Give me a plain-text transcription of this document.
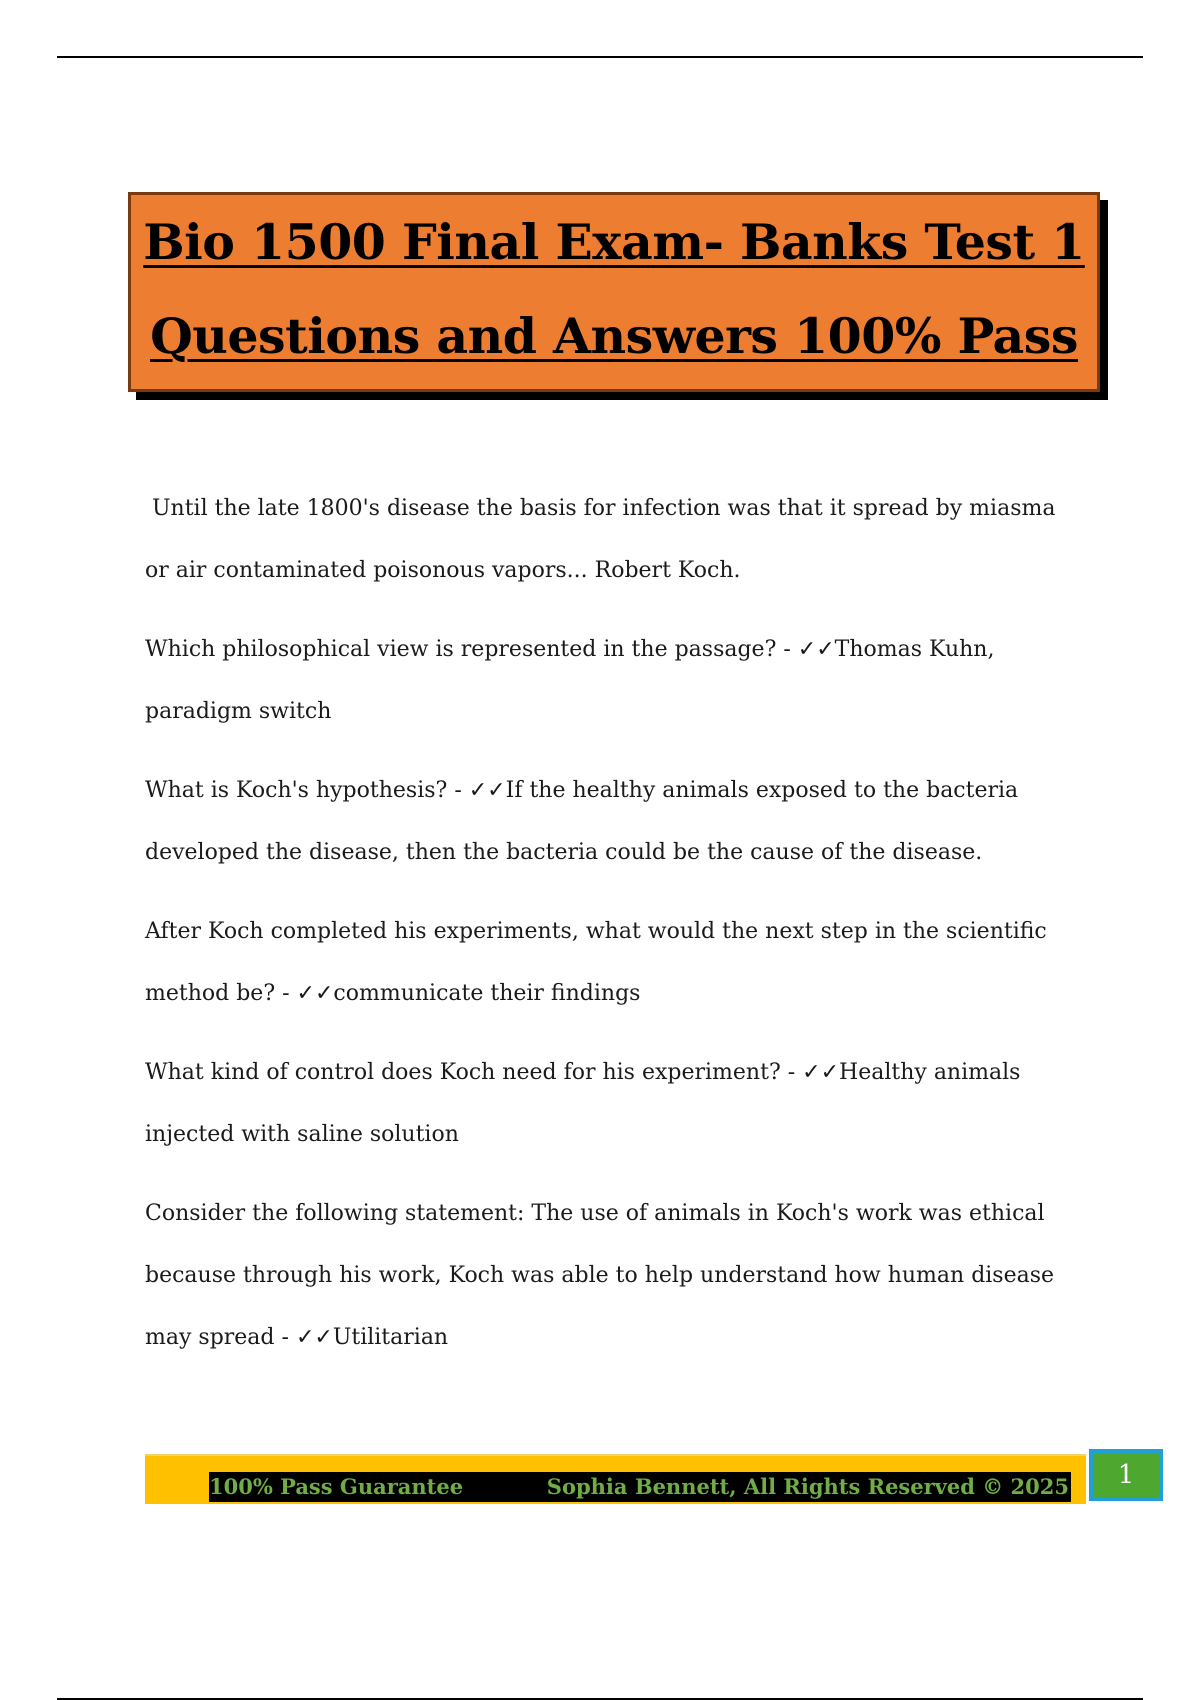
Bio 1500 Final Exam- Banks Test 1
Questions and Answers 100% Pass

Until the late 1800's disease the basis for infection was that it spread by miasma or air contaminated poisonous vapors... Robert Koch.

Which philosophical view is represented in the passage? - ✓✓Thomas Kuhn, paradigm switch

What is Koch's hypothesis? - ✓✓If the healthy animals exposed to the bacteria developed the disease, then the bacteria could be the cause of the disease.

After Koch completed his experiments, what would the next step in the scientific method be? - ✓✓communicate their findings

What kind of control does Koch need for his experiment? - ✓✓Healthy animals injected with saline solution

Consider the following statement: The use of animals in Koch's work was ethical because through his work, Koch was able to help understand how human disease may spread - ✓✓Utilitarian

100% Pass Guarantee	Sophia Bennett, All Rights Reserved © 2025	1
